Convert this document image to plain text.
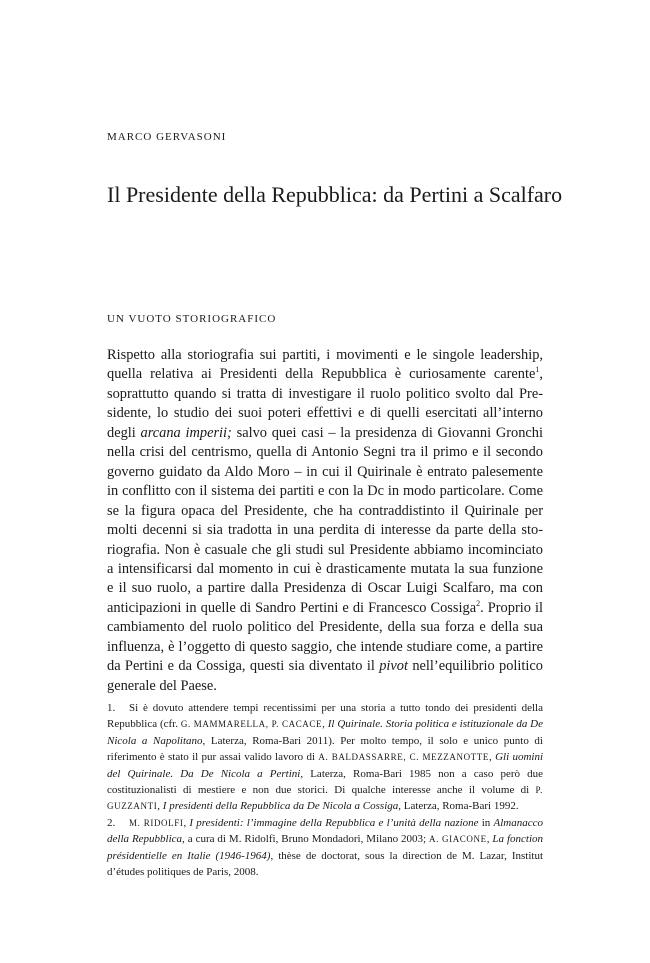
MARCO GERVASONI
Il Presidente della Repubblica: da Pertini a Scalfaro
UN VUOTO STORIOGRAFICO

Rispetto alla storiografia sui partiti, i movimenti e le singole leadership, quella relativa ai Presidenti della Repubblica è curiosamente carente$^1$, soprattutto quando si tratta di investigare il ruolo politico svolto dal Presidente, lo studio dei suoi poteri effettivi e di quelli esercitati all’interno degli arcana imperii; salvo quei casi – la presidenza di Giovanni Gronchi nella crisi del centrismo, quella di Antonio Segni tra il primo e il secondo governo guidato da Aldo Moro – in cui il Quirinale è entrato palesemente in conflitto con il sistema dei partiti e con la Dc in modo particolare. Come se la figura opaca del Presidente, che ha contraddistinto il Quirinale per molti decenni si sia tradotta in una perdita di interesse da parte della storiografia. Non è casuale che gli studi sul Presidente abbiamo incominciato a intensificarsi dal momento in cui è drasticamente mutata la sua funzione e il suo ruolo, a partire dalla Presidenza di Oscar Luigi Scalfaro, ma con anticipazioni in quelle di Sandro Pertini e di Francesco Cossiga$^2$. Proprio il cambiamento del ruolo politico del Presidente, della sua forza e della sua influenza, è l’oggetto di questo saggio, che intende studiare come, a partire da Pertini e da Cossiga, questi sia diventato il pivot nell’equilibrio politico generale del Paese.

1. Si è dovuto attendere tempi recentissimi per una storia a tutto tondo dei presidenti della Repubblica (cfr. G. MAMMARELLA, P. CACACE, Il Quirinale. Storia politica e istituzionale da De Nicola a Napolitano, Laterza, Roma-Bari 2011). Per molto tempo, il solo e unico punto di riferimento è stato il pur assai valido lavoro di A. BALDASSARRE, C. MEZZANOTTE, Gli uomini del Quirinale. Da De Nicola a Pertini, Laterza, Roma-Bari 1985 non a caso però due costituzionalisti di mestiere e non due storici. Di qualche interesse anche il volume di P. GUZZANTI, I presidenti della Repubblica da De Nicola a Cossiga, Laterza, Roma-Bari 1992.

2. M. RIDOLFI, I presidenti: l’immagine della Repubblica e l’unità della nazione in Almanacco della Repubblica, a cura di M. Ridolfi, Bruno Mondadori, Milano 2003; A. GIACONE, La fonction présidentielle en Italie (1946-1964), thèse de doctorat, sous la direction de M. Lazar, Institut d’études politiques de Paris, 2008.
